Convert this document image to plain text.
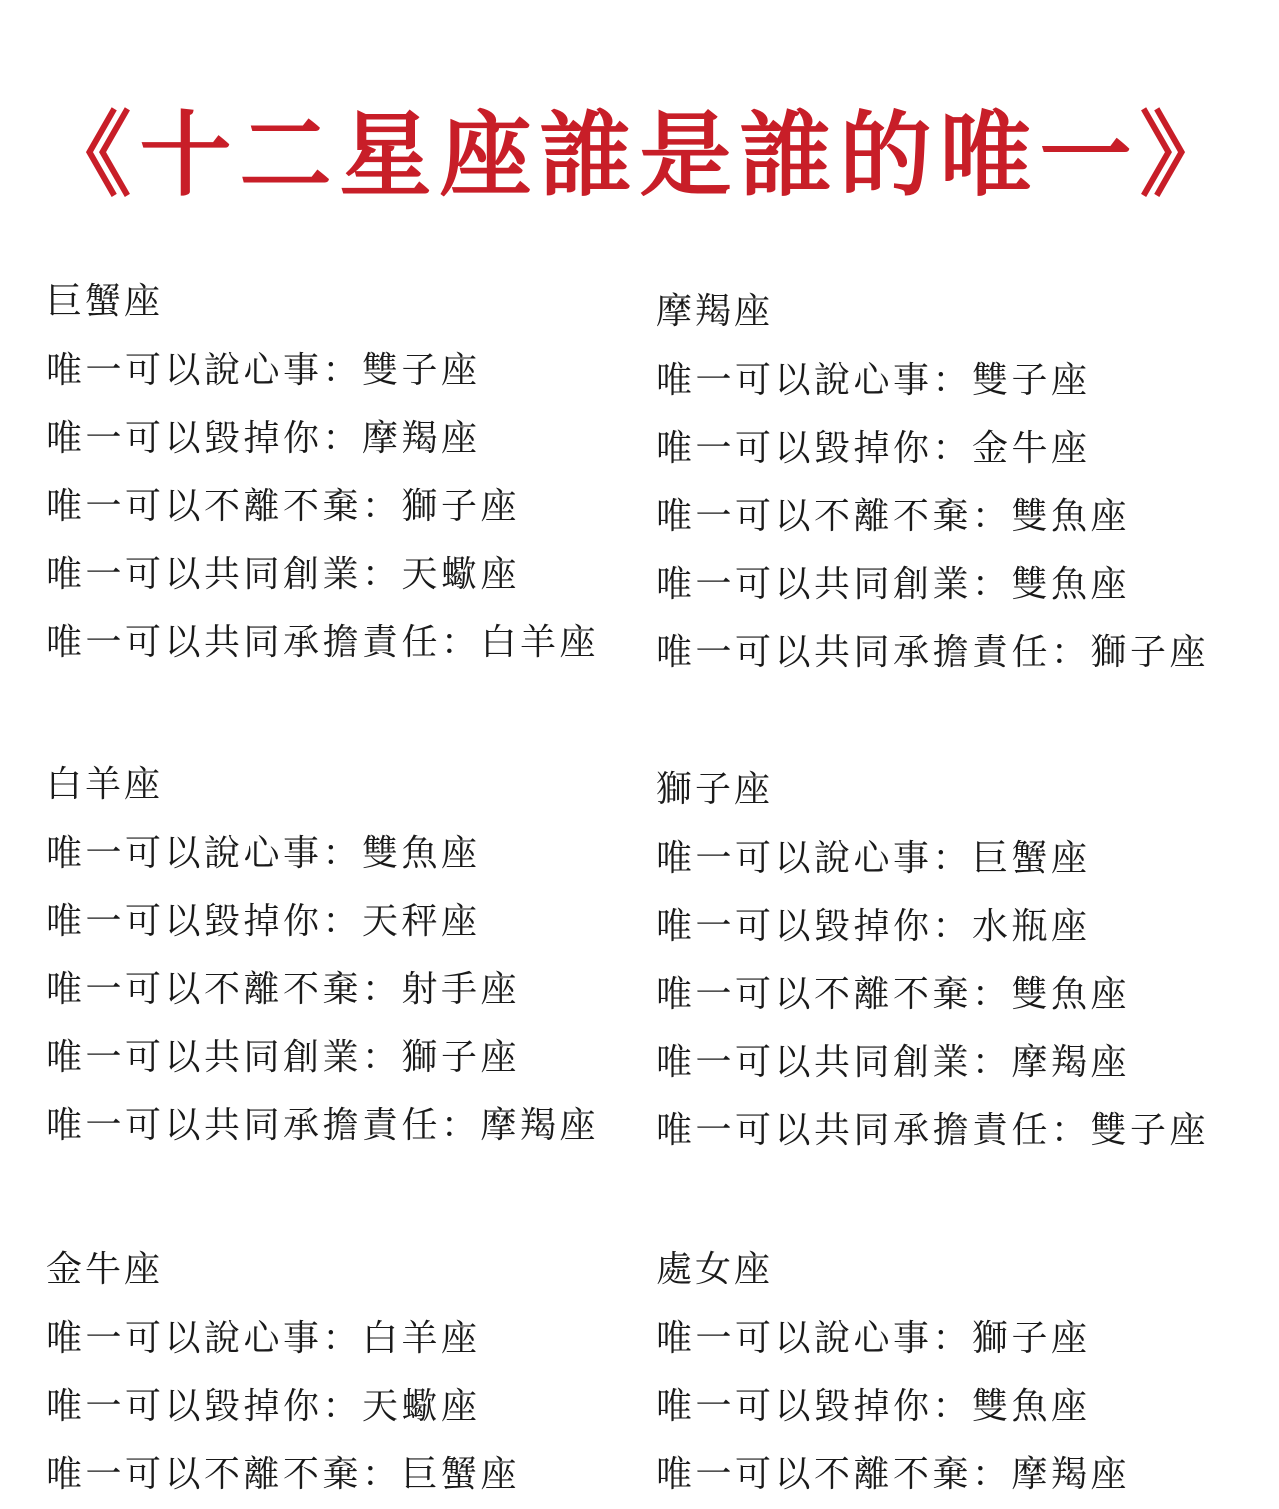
《十二星座誰是誰的唯一》
巨蟹座
唯一可以說心事：雙子座
唯一可以毀掉你：摩羯座
唯一可以不離不棄：獅子座
唯一可以共同創業：天蠍座
唯一可以共同承擔責任：白羊座
白羊座
唯一可以說心事：雙魚座
唯一可以毀掉你：天秤座
唯一可以不離不棄：射手座
唯一可以共同創業：獅子座
唯一可以共同承擔責任：摩羯座
金牛座
唯一可以說心事：白羊座
唯一可以毀掉你：天蠍座
唯一可以不離不棄：巨蟹座
摩羯座
唯一可以說心事：雙子座
唯一可以毀掉你：金牛座
唯一可以不離不棄：雙魚座
唯一可以共同創業：雙魚座
唯一可以共同承擔責任：獅子座
獅子座
唯一可以說心事：巨蟹座
唯一可以毀掉你：水瓶座
唯一可以不離不棄：雙魚座
唯一可以共同創業：摩羯座
唯一可以共同承擔責任：雙子座
處女座
唯一可以說心事：獅子座
唯一可以毀掉你：雙魚座
唯一可以不離不棄：摩羯座
